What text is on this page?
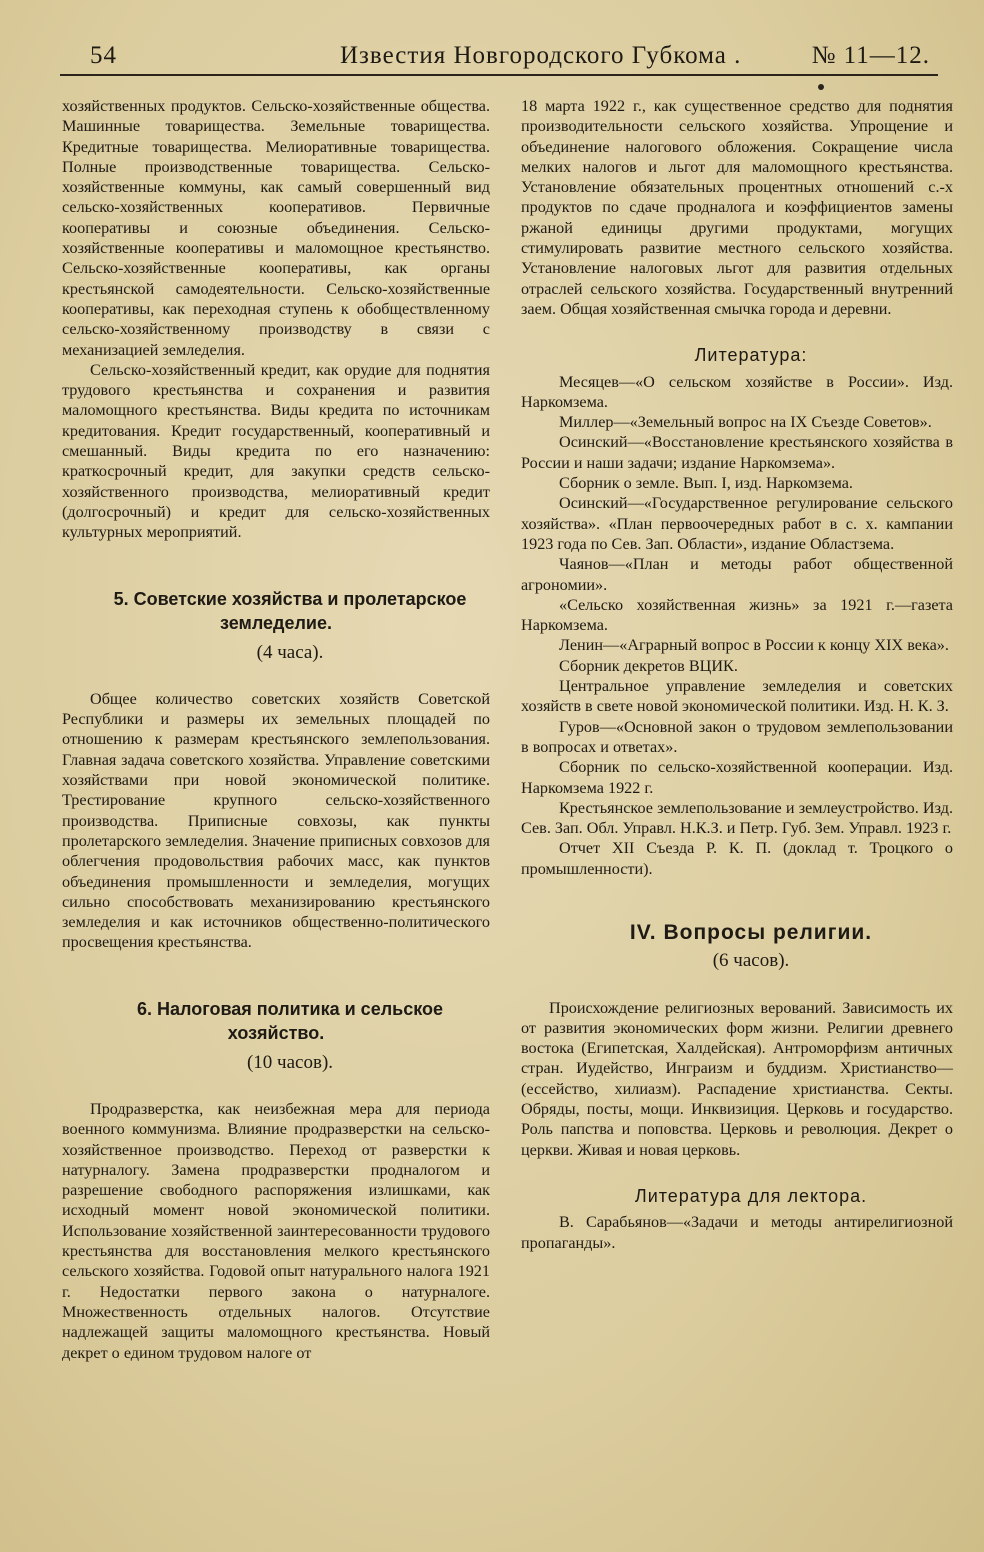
54	Известия Новгородского Губкома .	№ 11—12.

хозяйственных продуктов. Сельско-хозяйственные общества. Машинные товарищества. Земельные товарищества. Кредитные товарищества. Мелиоративные товарищества. Полные производственные товарищества. Сельско-хозяйственные коммуны, как самый совершенный вид сельско-хозяйственных кооперативов. Первичные кооперативы и союзные объединения. Сельско-хозяйственные кооперативы и маломощное крестьянство. Сельско-хозяйственные кооперативы, как органы крестьянской самодеятельности. Сельско-хозяйственные кооперативы, как переходная ступень к обобществленному сельско-хозяйственному производству в связи с механизацией земледелия.

Сельско-хозяйственный кредит, как орудие для поднятия трудового крестьянства и сохранения и развития маломощного крестьянства. Виды кредита по источникам кредитования. Кредит государственный, кооперативный и смешанный. Виды кредита по его назначению: краткосрочный кредит, для закупки средств сельско-хозяйственного производства, мелиоративный кредит (долгосрочный) и кредит для сельско-хозяйственных культурных мероприятий.

5. Советские хозяйства и пролетарское земледелие.

(4 часа).

Общее количество советских хозяйств Советской Республики и размеры их земельных площадей по отношению к размерам крестьянского землепользования. Главная задача советского хозяйства. Управление советскими хозяйствами при новой экономической политике. Трестирование крупного сельско-хозяйственного производства. Приписные совхозы, как пункты пролетарского земледелия. Значение приписных совхозов для облегчения продовольствия рабочих масс, как пунктов объединения промышленности и земледелия, могущих сильно способствовать механизированию крестьянского земледелия и как источников общественно-политического просвещения крестьянства.

6. Налоговая политика и сельское хозяйство.

(10 часов).

Продразверстка, как неизбежная мера для периода военного коммунизма. Влияние продразверстки на сельско-хозяйственное производство. Переход от разверстки к натурналогу. Замена продразверстки продналогом и разрешение свободного распоряжения излишками, как исходный момент новой экономической политики. Использование хозяйственной заинтересованности трудового крестьянства для восстановления мелкого крестьянского сельского хозяйства. Годовой опыт натурального налога 1921 г. Недостатки первого закона о натурналоге. Множественность отдельных налогов. Отсутствие надлежащей защиты маломощного крестьянства. Новый декрет о едином трудовом налоге от

18 марта 1922 г., как существенное средство для поднятия производительности сельского хозяйства. Упрощение и объединение налогового обложения. Сокращение числа мелких налогов и льгот для маломощного крестьянства. Установление обязательных процентных отношений с.-х продуктов по сдаче продналога и коэффициентов замены ржаной единицы другими продуктами, могущих стимулировать развитие местного сельского хозяйства. Установление налоговых льгот для развития отдельных отраслей сельского хозяйства. Государственный внутренний заем. Общая хозяйственная смычка города и деревни.

Литература:

Месяцев—«О сельском хозяйстве в России». Изд. Наркомзема.

Миллер—«Земельный вопрос на IX Съезде Советов».

Осинский—«Восстановление крестьянского хозяйства в России и наши задачи; издание Наркомзема».

Сборник о земле. Вып. I, изд. Наркомзема.

Осинский—«Государственное регулирование сельского хозяйства». «План первоочередных работ в с. х. кампании 1923 года по Сев. Зап. Области», издание Областзема.

Чаянов—«План и методы работ общественной агрономии».

«Сельско хозяйственная жизнь» за 1921 г.—газета Наркомзема.

Ленин—«Аграрный вопрос в России к концу XIX века».

Сборник декретов ВЦИК.

Центральное управление земледелия и советских хозяйств в свете новой экономической политики. Изд. Н. К. З.

Гуров—«Основной закон о трудовом землепользовании в вопросах и ответах».

Сборник по сельско-хозяйственной кооперации. Изд. Наркомзема 1922 г.

Крестьянское землепользование и землеустройство. Изд. Сев. Зап. Обл. Управл. Н.К.З. и Петр. Губ. Зем. Управл. 1923 г.

Отчет XII Съезда Р. К. П. (доклад т. Троцкого о промышленности).

IV. Вопросы религии.

(6 часов).

Происхождение религиозных верований. Зависимость их от развития экономических форм жизни. Религии древнего востока (Египетская, Халдейская). Антроморфизм античных стран. Иудейство, Инграизм и буддизм. Христианство—(ессейство, хилиазм). Распадение христианства. Секты. Обряды, посты, мощи. Инквизиция. Церковь и государство. Роль папства и поповства. Церковь и революция. Декрет о церкви. Живая и новая церковь.

Литература для лектора.

В. Сарабьянов—«Задачи и методы антирелигиозной пропаганды».
